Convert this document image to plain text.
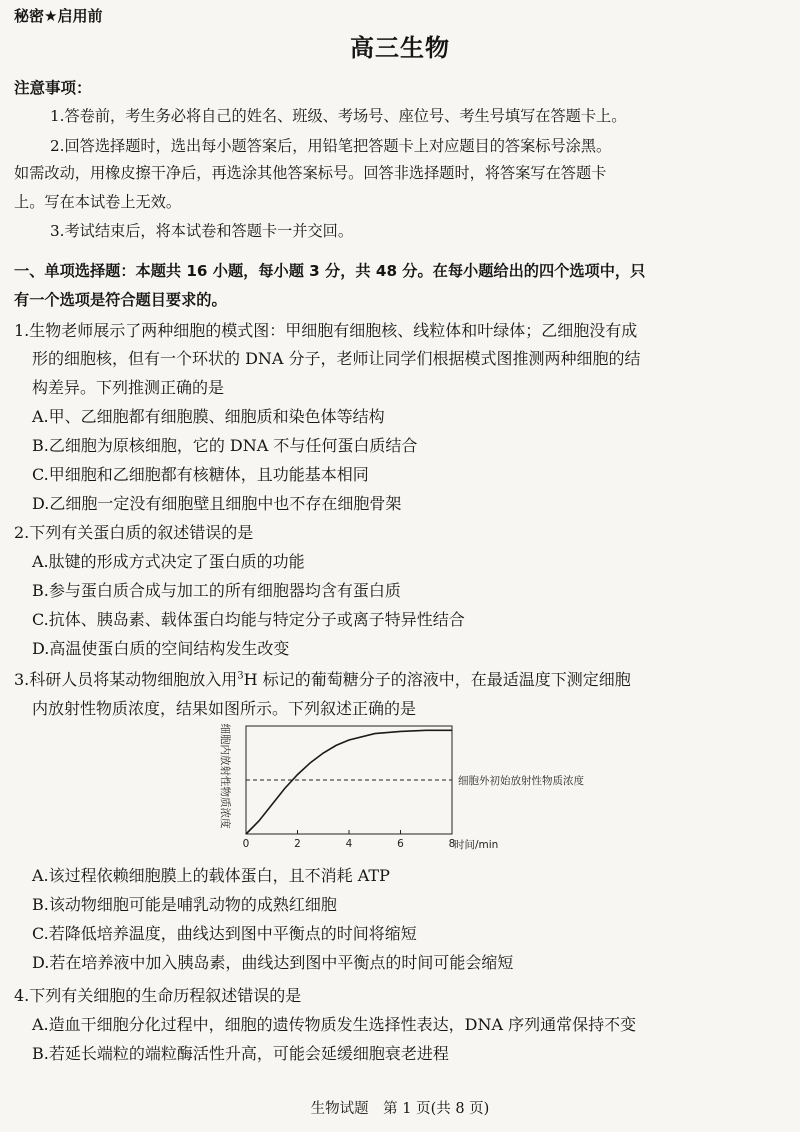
秘密★启用前
高三生物
注意事项：
1.答卷前，考生务必将自己的姓名、班级、考场号、座位号、考生号填写在答题卡上。
2.回答选择题时，选出每小题答案后，用铅笔把答题卡上对应题目的答案标号涂黑。
如需改动，用橡皮擦干净后，再选涂其他答案标号。回答非选择题时，将答案写在答题卡
上。写在本试卷上无效。
3.考试结束后，将本试卷和答题卡一并交回。
一、单项选择题：本题共 16 小题，每小题 3 分，共 48 分。在每小题给出的四个选项中，只
有一个选项是符合题目要求的。
1.生物老师展示了两种细胞的模式图：甲细胞有细胞核、线粒体和叶绿体；乙细胞没有成
形的细胞核，但有一个环状的 DNA 分子，老师让同学们根据模式图推测两种细胞的结
构差异。下列推测正确的是
A.甲、乙细胞都有细胞膜、细胞质和染色体等结构
B.乙细胞为原核细胞，它的 DNA 不与任何蛋白质结合
C.甲细胞和乙细胞都有核糖体，且功能基本相同
D.乙细胞一定没有细胞壁且细胞中也不存在细胞骨架
2.下列有关蛋白质的叙述错误的是
A.肽键的形成方式决定了蛋白质的功能
B.参与蛋白质合成与加工的所有细胞器均含有蛋白质
C.抗体、胰岛素、载体蛋白均能与特定分子或离子特异性结合
D.高温使蛋白质的空间结构发生改变
3.科研人员将某动物细胞放入用$^3$H 标记的葡萄糖分子的溶液中，在最适温度下测定细胞
内放射性物质浓度，结果如图所示。下列叙述正确的是
细胞内放射性物质浓度
0	2	4	6	8
细胞外初始放射性物质浓度
时间/min
A.该过程依赖细胞膜上的载体蛋白，且不消耗 ATP
B.该动物细胞可能是哺乳动物的成熟红细胞
C.若降低培养温度，曲线达到图中平衡点的时间将缩短
D.若在培养液中加入胰岛素，曲线达到图中平衡点的时间可能会缩短
4.下列有关细胞的生命历程叙述错误的是
A.造血干细胞分化过程中，细胞的遗传物质发生选择性表达，DNA 序列通常保持不变
B.若延长端粒的端粒酶活性升高，可能会延缓细胞衰老进程
生物试题　第 1 页(共 8 页)
